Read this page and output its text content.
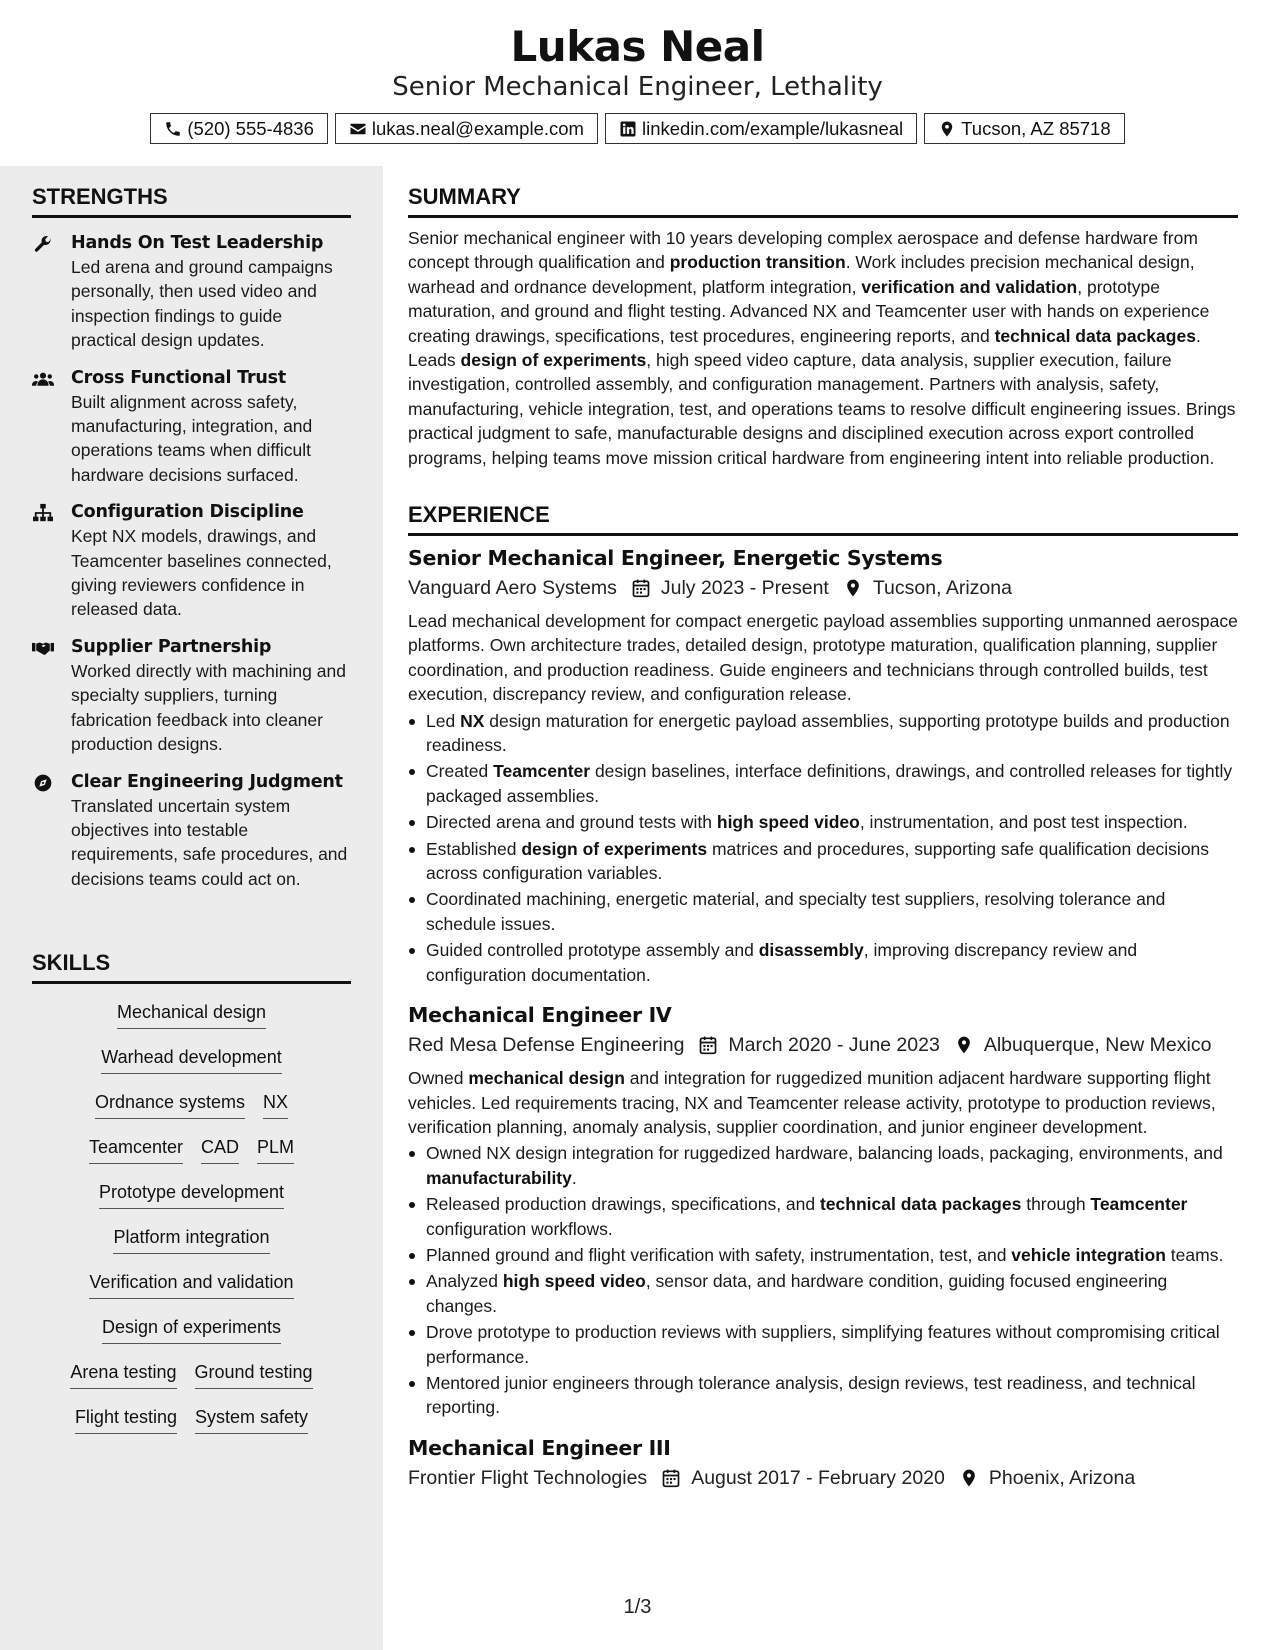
Lukas Neal
Senior Mechanical Engineer, Lethality
(520) 555-4836	lukas.neal@example.com	linkedin.com/example/lukasneal	Tucson, AZ 85718
STRENGTHS
Hands On Test Leadership
Led arena and ground campaigns personally, then used video and inspection findings to guide practical design updates.
Cross Functional Trust
Built alignment across safety, manufacturing, integration, and operations teams when difficult hardware decisions surfaced.
Configuration Discipline
Kept NX models, drawings, and Teamcenter baselines connected, giving reviewers confidence in released data.
Supplier Partnership
Worked directly with machining and specialty suppliers, turning fabrication feedback into cleaner production designs.
Clear Engineering Judgment
Translated uncertain system objectives into testable requirements, safe procedures, and decisions teams could act on.
SKILLS
Mechanical design
Warhead development
Ordnance systems NX
Teamcenter CAD PLM
Prototype development
Platform integration
Verification and validation
Design of experiments
Arena testing Ground testing
Flight testing System safety
SUMMARY

Senior mechanical engineer with 10 years developing complex aerospace and defense hardware from concept through qualification and production transition. Work includes precision mechanical design, warhead and ordnance development, platform integration, verification and validation, prototype maturation, and ground and flight testing. Advanced NX and Teamcenter user with hands on experience creating drawings, specifications, test procedures, engineering reports, and technical data packages. Leads design of experiments, high speed video capture, data analysis, supplier execution, failure investigation, controlled assembly, and configuration management. Partners with analysis, safety, manufacturing, vehicle integration, test, and operations teams to resolve difficult engineering issues. Brings practical judgment to safe, manufacturable designs and disciplined execution across export controlled programs, helping teams move mission critical hardware from engineering intent into reliable production.

EXPERIENCE
Senior Mechanical Engineer, Energetic Systems
Vanguard Aero Systems July 2023 - Present Tucson, Arizona
Lead mechanical development for compact energetic payload assemblies supporting unmanned aerospace platforms. Own architecture trades, detailed design, prototype maturation, qualification planning, supplier coordination, and production readiness. Guide engineers and technicians through controlled builds, test execution, discrepancy review, and configuration release.
Led NX design maturation for energetic payload assemblies, supporting prototype builds and production readiness.
Created Teamcenter design baselines, interface definitions, drawings, and controlled releases for tightly packaged assemblies.
Directed arena and ground tests with high speed video, instrumentation, and post test inspection.
Established design of experiments matrices and procedures, supporting safe qualification decisions across configuration variables.
Coordinated machining, energetic material, and specialty test suppliers, resolving tolerance and schedule issues.
Guided controlled prototype assembly and disassembly, improving discrepancy review and configuration documentation.
Mechanical Engineer IV
Red Mesa Defense Engineering March 2020 - June 2023 Albuquerque, New Mexico
Owned mechanical design and integration for ruggedized munition adjacent hardware supporting flight vehicles. Led requirements tracing, NX and Teamcenter release activity, prototype to production reviews, verification planning, anomaly analysis, supplier coordination, and junior engineer development.
Owned NX design integration for ruggedized hardware, balancing loads, packaging, environments, and manufacturability.
Released production drawings, specifications, and technical data packages through Teamcenter configuration workflows.
Planned ground and flight verification with safety, instrumentation, test, and vehicle integration teams.
Analyzed high speed video, sensor data, and hardware condition, guiding focused engineering changes.
Drove prototype to production reviews with suppliers, simplifying features without compromising critical performance.
Mentored junior engineers through tolerance analysis, design reviews, test readiness, and technical reporting.
Mechanical Engineer III
Frontier Flight Technologies August 2017 - February 2020 Phoenix, Arizona
1/3
